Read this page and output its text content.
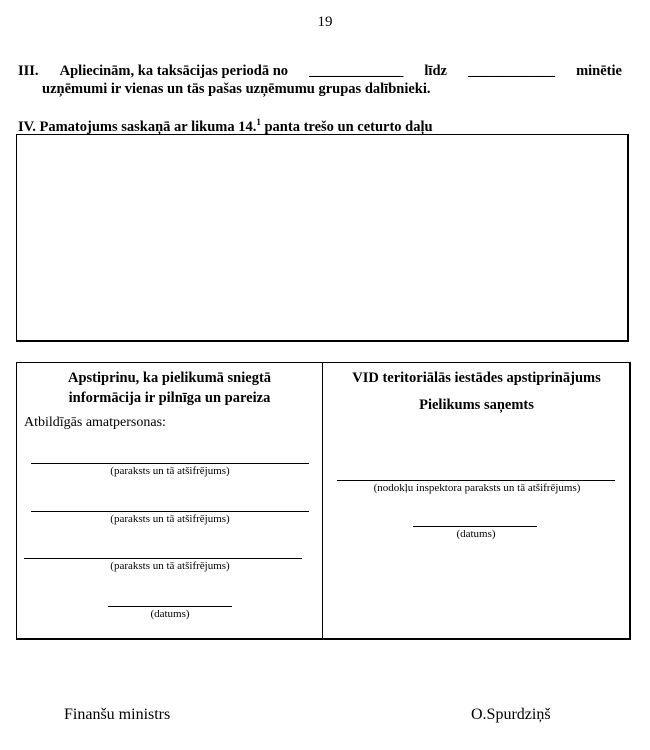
19
III. Apliecinām, ka taksācijas periodā no _____________ līdz ____________ minētie
uzņēmumi ir vienas un tās pašas uzņēmumu grupas dalībnieki.
IV. Pamatojums saskaņā ar likuma 14.$^1$ panta trešo un ceturto daļu
Apstiprinu, ka pielikumā sniegtā
informācija ir pilnīga un pareiza
Atbildīgās amatpersonas:
(paraksts un tā atšifrējums)
(paraksts un tā atšifrējums)
(paraksts un tā atšifrējums)
(datums)
VID teritoriālās iestādes apstiprinājums
Pielikums saņemts
(nodokļu inspektora paraksts un tā atšifrējums)
(datums)
Finanšu ministrs	O.Spurdziņš
